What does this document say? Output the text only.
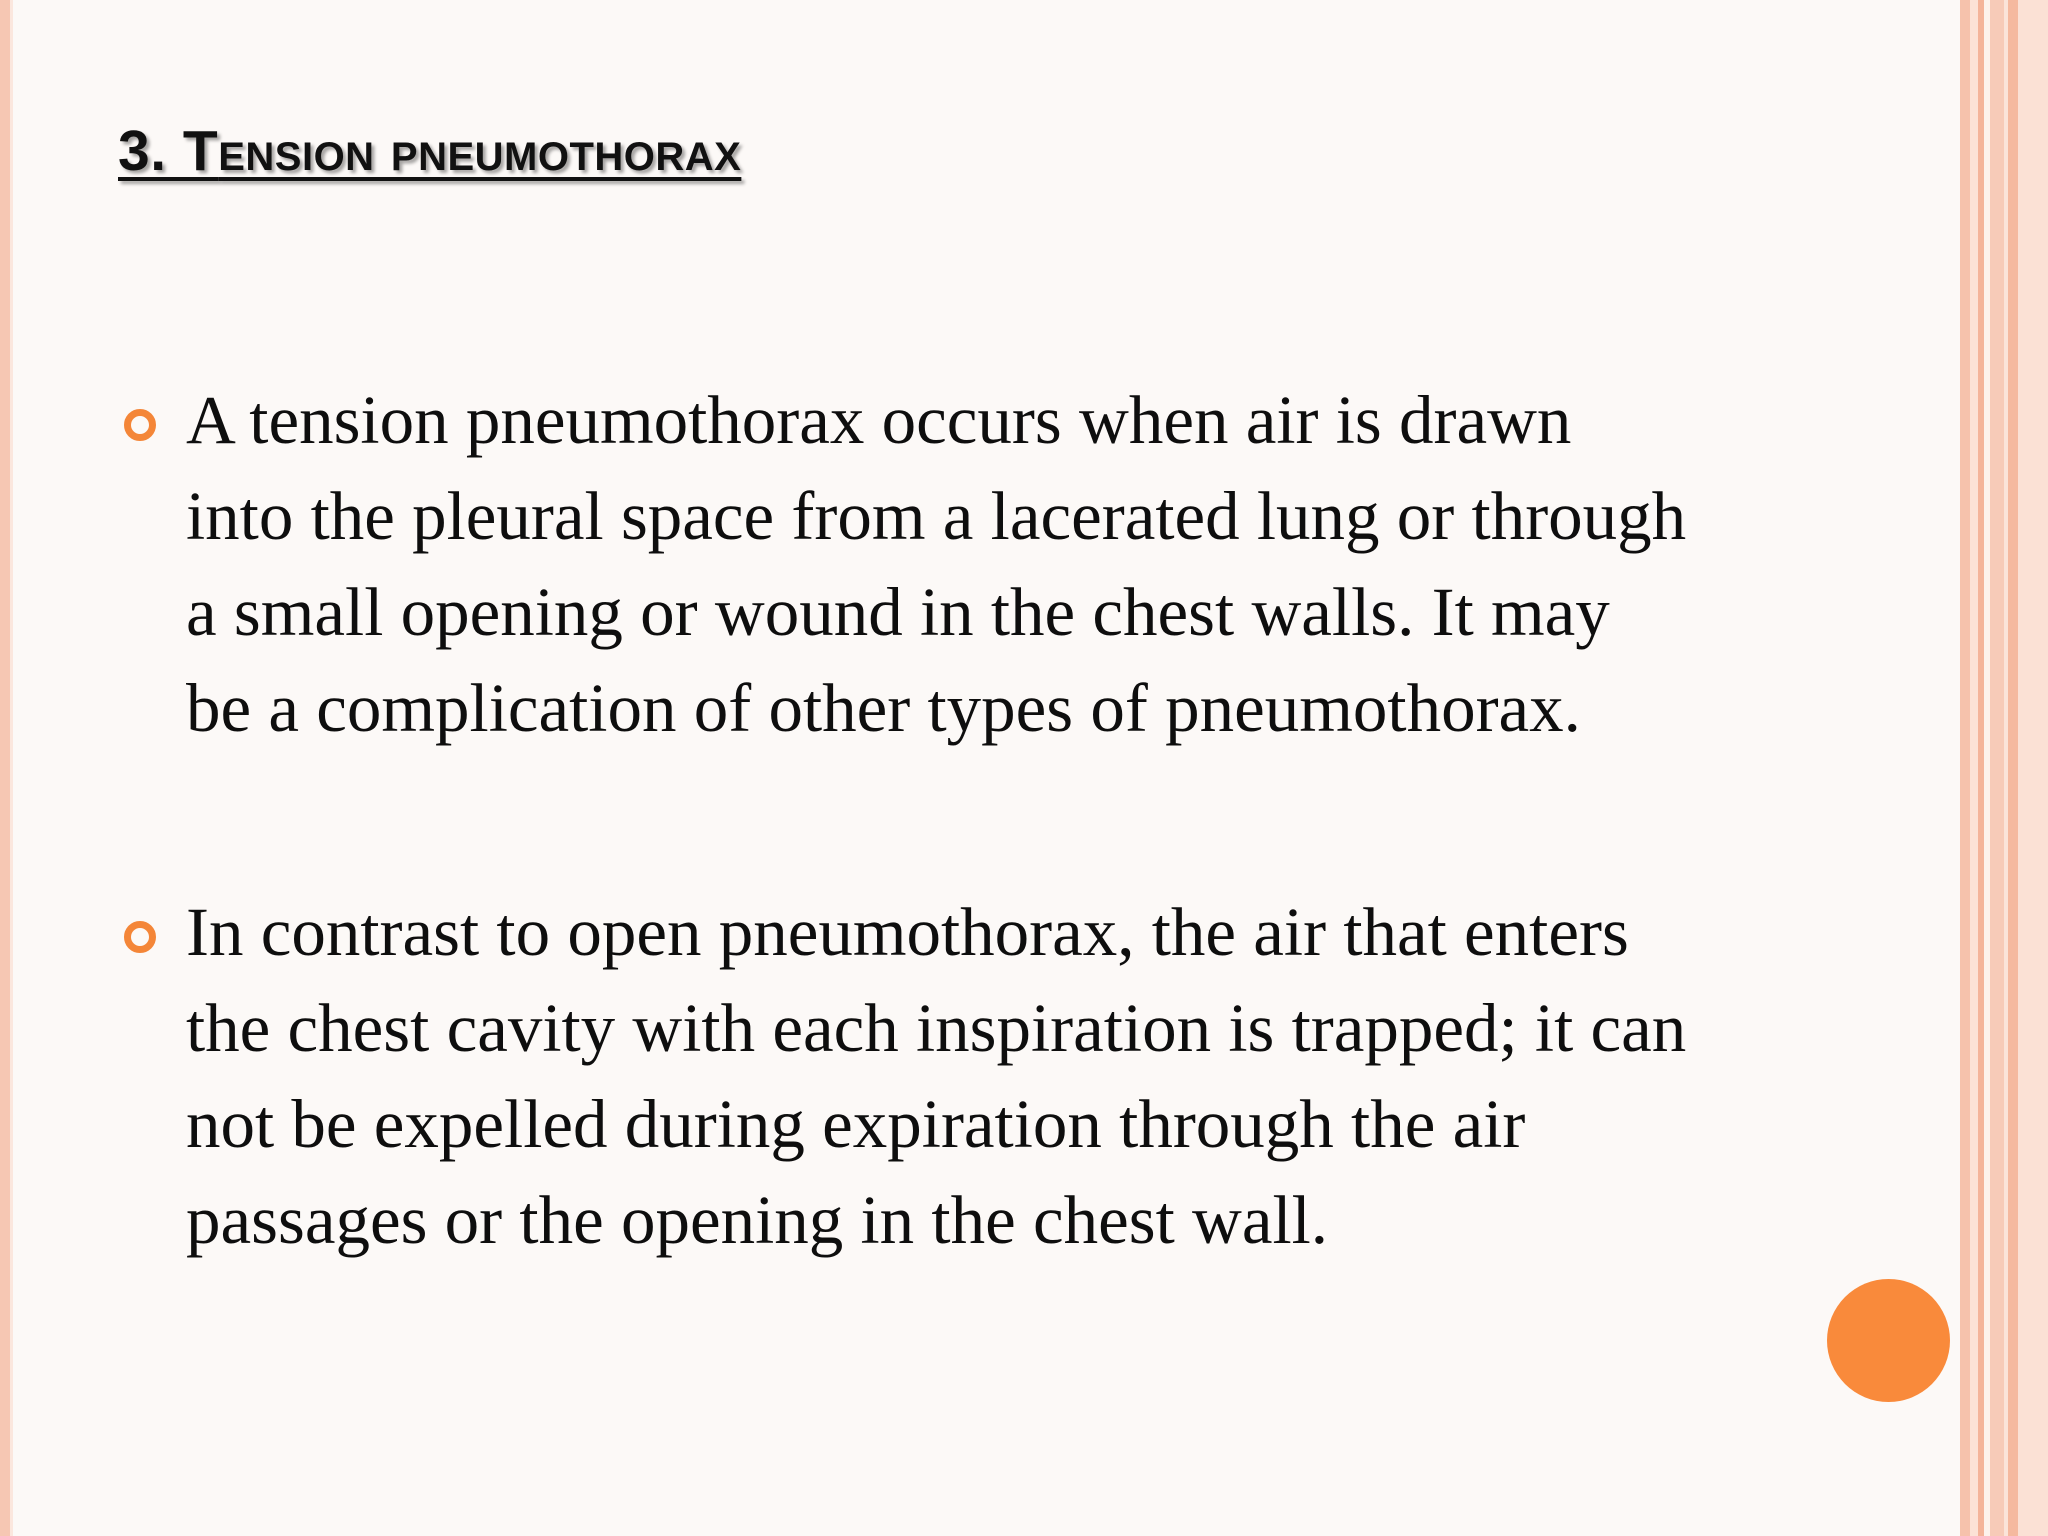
3. Tension pneumothorax
A tension pneumothorax occurs when air is drawn
into the pleural space from a lacerated lung or through
a small opening or wound in the chest walls. It may
be a complication of other types of pneumothorax.
In contrast to open pneumothorax, the air that enters
the chest cavity with each inspiration is trapped; it can
not be expelled during expiration through the air
passages or the opening in the chest wall.
